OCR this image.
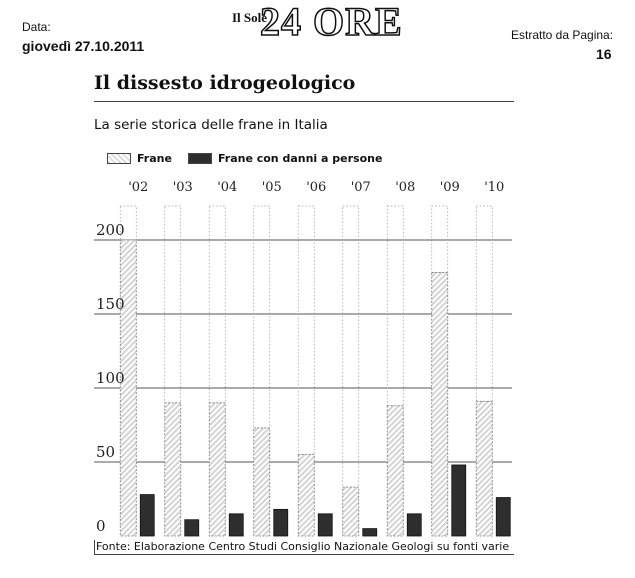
Data:
giovedì 27.10.2011
Il Sole
24 ORE	Estratto da Pagina:
16
Il dissesto idrogeologico
La serie storica delle frane in Italia
Frane	Frane con danni a persone
0
50
100
150
200
'02 '03 '04 '05 '06 '07 '08 '09 '10
Fonte: Elaborazione Centro Studi Consiglio Nazionale Geologi su fonti varie
